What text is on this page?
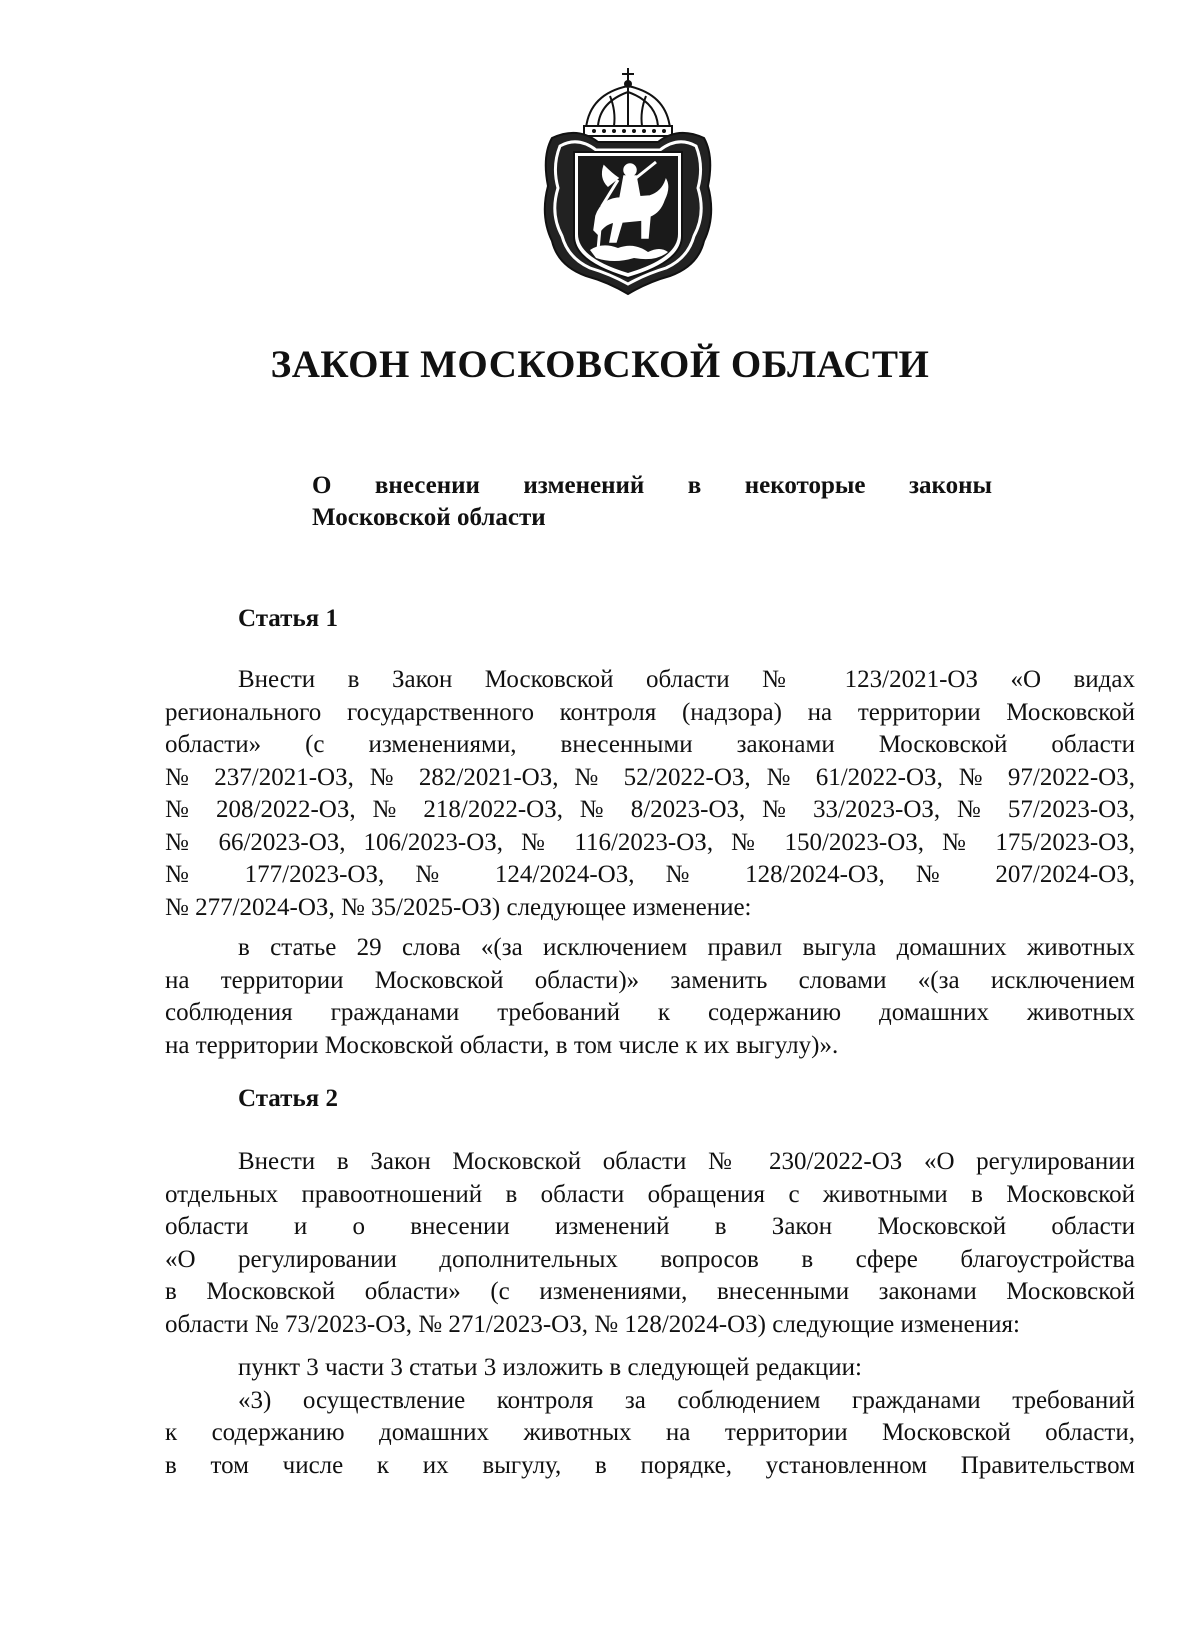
ЗАКОН МОСКОВСКОЙ ОБЛАСТИ
О внесении изменений в некоторые законы
Московской области
Статья 1
Внести в Закон Московской области № 123/2021-ОЗ «О видах
регионального государственного контроля (надзора) на территории Московской
области» (с изменениями, внесенными законами Московской области
№ 237/2021-ОЗ, № 282/2021-ОЗ, № 52/2022-ОЗ, № 61/2022-ОЗ, № 97/2022-ОЗ,
№ 208/2022-ОЗ, № 218/2022-ОЗ, № 8/2023-ОЗ, № 33/2023-ОЗ, № 57/2023-ОЗ,
№ 66/2023-ОЗ, 106/2023-ОЗ, № 116/2023-ОЗ, № 150/2023-ОЗ, № 175/2023-ОЗ,
№ 177/2023-ОЗ, № 124/2024-ОЗ, № 128/2024-ОЗ, № 207/2024-ОЗ,
№ 277/2024-ОЗ, № 35/2025-ОЗ) следующее изменение:
в статье 29 слова «(за исключением правил выгула домашних животных
на территории Московской области)» заменить словами «(за исключением
соблюдения гражданами требований к содержанию домашних животных
на территории Московской области, в том числе к их выгулу)».
Статья 2
Внести в Закон Московской области № 230/2022-ОЗ «О регулировании
отдельных правоотношений в области обращения с животными в Московской
области и о внесении изменений в Закон Московской области
«О регулировании дополнительных вопросов в сфере благоустройства
в Московской области» (с изменениями, внесенными законами Московской
области № 73/2023-ОЗ, № 271/2023-ОЗ, № 128/2024-ОЗ) следующие изменения:
пункт 3 части 3 статьи 3 изложить в следующей редакции:
«3) осуществление контроля за соблюдением гражданами требований
к содержанию домашних животных на территории Московской области,
в том числе к их выгулу, в порядке, установленном Правительством
